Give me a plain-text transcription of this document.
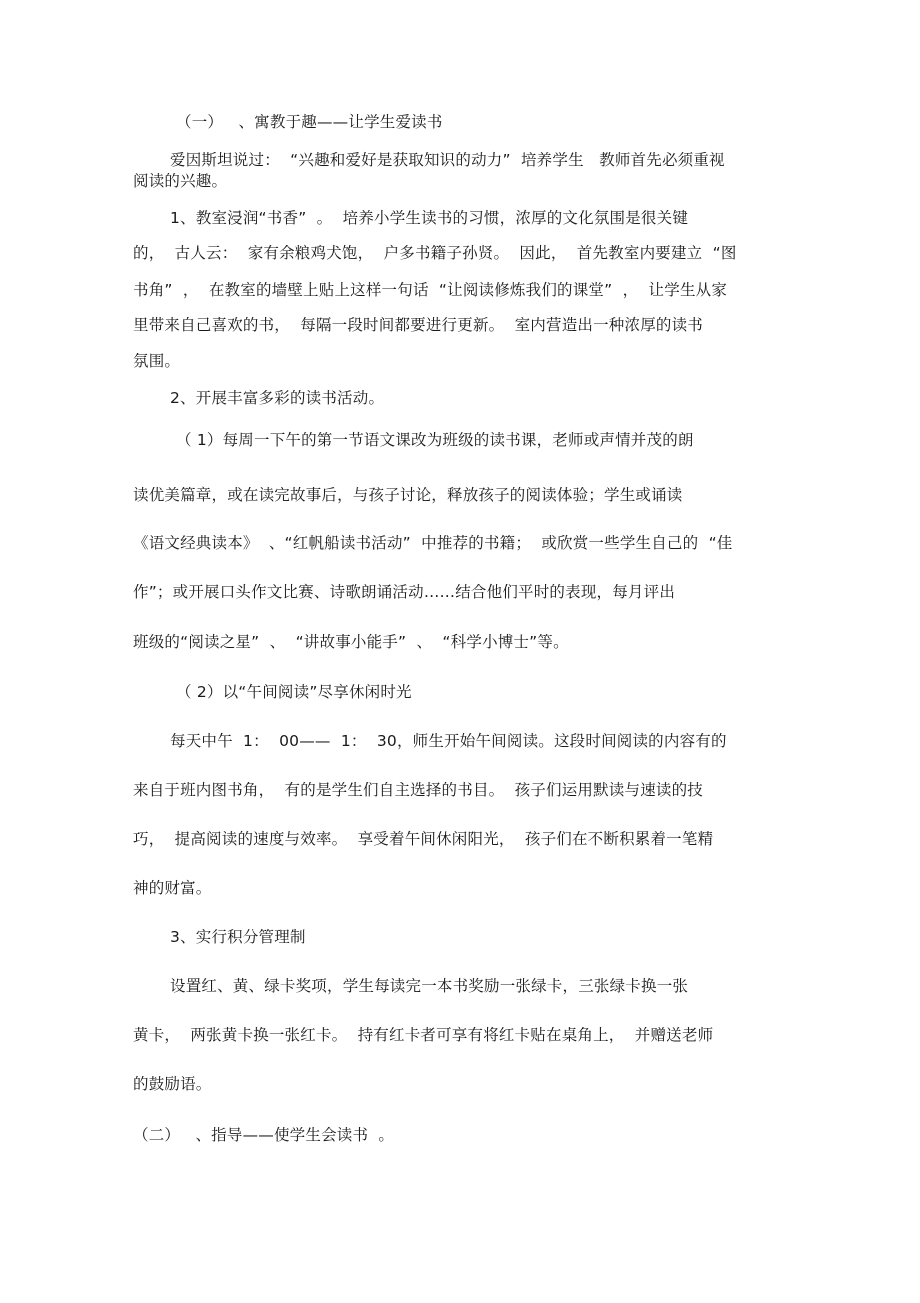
（一）   、寓教于趣——让学生爱读书
爱因斯坦说过：  “兴趣和爱好是获取知识的动力”  培养学生   教师首先必须重视
阅读的兴趣。
1、教室浸润“书香”  。  培养小学生读书的习惯，浓厚的文化氛围是很关键
的，  古人云：  家有余粮鸡犬饱，  户多书籍子孙贤。  因此，  首先教室内要建立  “图
书角”  ，  在教室的墙壁上贴上这样一句话  “让阅读修炼我们的课堂”  ，  让学生从家
里带来自己喜欢的书，  每隔一段时间都要进行更新。  室内营造出一种浓厚的读书
氛围。
2、开展丰富多彩的读书活动。
（ 1）每周一下午的第一节语文课改为班级的读书课，老师或声情并茂的朗
读优美篇章，或在读完故事后，与孩子讨论，释放孩子的阅读体验；学生或诵读
《语文经典读本》  、“红帆船读书活动”  中推荐的书籍；  或欣赏一些学生自己的  “佳
作”；或开展口头作文比赛、诗歌朗诵活动……结合他们平时的表现，每月评出
班级的“阅读之星”  、  “讲故事小能手”  、  “科学小博士”等。
（ 2）以“午间阅读”尽享休闲时光
每天中午  1：  00——  1：  30，师生开始午间阅读。这段时间阅读的内容有的
来自于班内图书角，  有的是学生们自主选择的书目。  孩子们运用默读与速读的技
巧，  提高阅读的速度与效率。  享受着午间休闲阳光，  孩子们在不断积累着一笔精
神的财富。
3、实行积分管理制
设置红、黄、绿卡奖项，学生每读完一本书奖励一张绿卡，三张绿卡换一张
黄卡，  两张黄卡换一张红卡。  持有红卡者可享有将红卡贴在桌角上，  并赠送老师
的鼓励语。
（二）   、指导——使学生会读书  。
